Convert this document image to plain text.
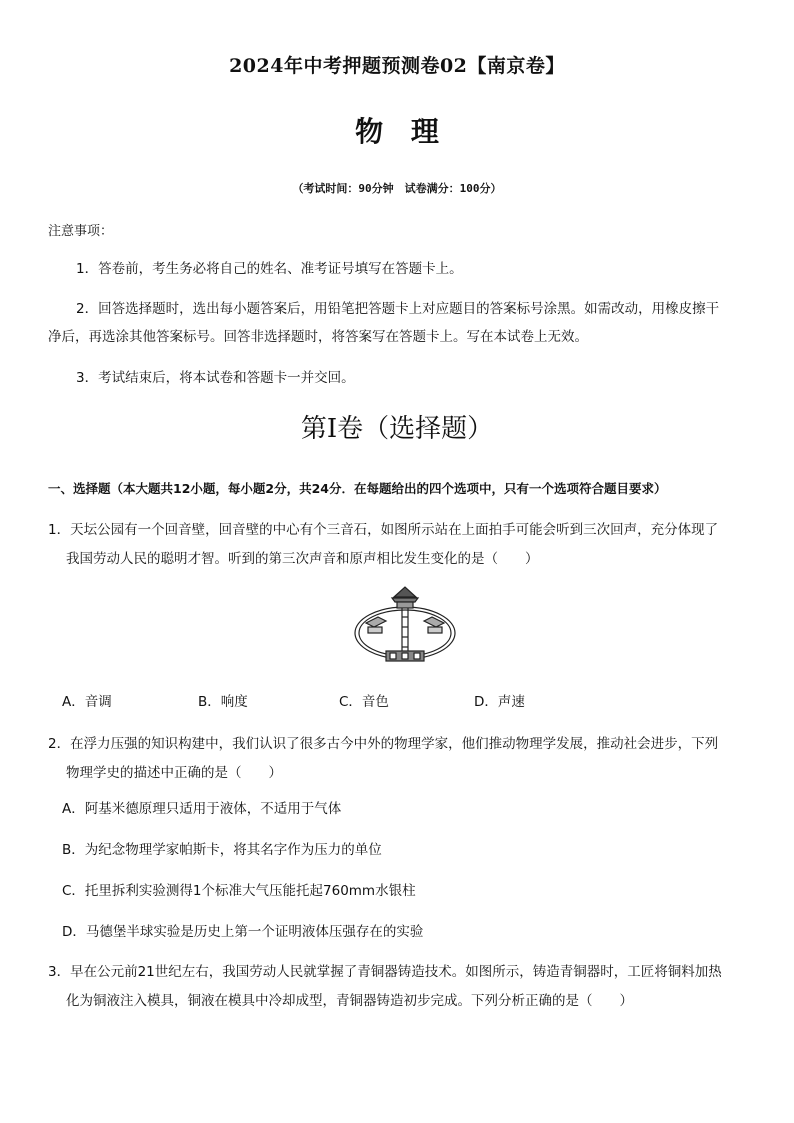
2024年中考押题预测卷02【南京卷】
物 理
（考试时间：90分钟　试卷满分：100分）
注意事项：
1．答卷前，考生务必将自己的姓名、准考证号填写在答题卡上。
2．回答选择题时，选出每小题答案后，用铅笔把答题卡上对应题目的答案标号涂黑。如需改动，用橡皮擦干
净后，再选涂其他答案标号。回答非选择题时，将答案写在答题卡上。写在本试卷上无效。
3．考试结束后，将本试卷和答题卡一并交回。
第Ⅰ卷（选择题）
一、选择题（本大题共12小题，每小题2分，共24分．在每题给出的四个选项中，只有一个选项符合题目要求）
1．天坛公园有一个回音壁，回音壁的中心有个三音石，如图所示站在上面拍手可能会听到三次回声，充分体现了
我国劳动人民的聪明才智。听到的第三次声音和原声相比发生变化的是（　　）
A．音调	B．响度	C．音色	D．声速
2．在浮力压强的知识构建中，我们认识了很多古今中外的物理学家，他们推动物理学发展，推动社会进步，下列
物理学史的描述中正确的是（　　）
A．阿基米德原理只适用于液体，不适用于气体
B．为纪念物理学家帕斯卡，将其名字作为压力的单位
C．托里拆利实验测得1个标准大气压能托起760mm水银柱
D．马德堡半球实验是历史上第一个证明液体压强存在的实验
3．早在公元前21世纪左右，我国劳动人民就掌握了青铜器铸造技术。如图所示，铸造青铜器时，工匠将铜料加热
化为铜液注入模具，铜液在模具中冷却成型，青铜器铸造初步完成。下列分析正确的是（　　）
